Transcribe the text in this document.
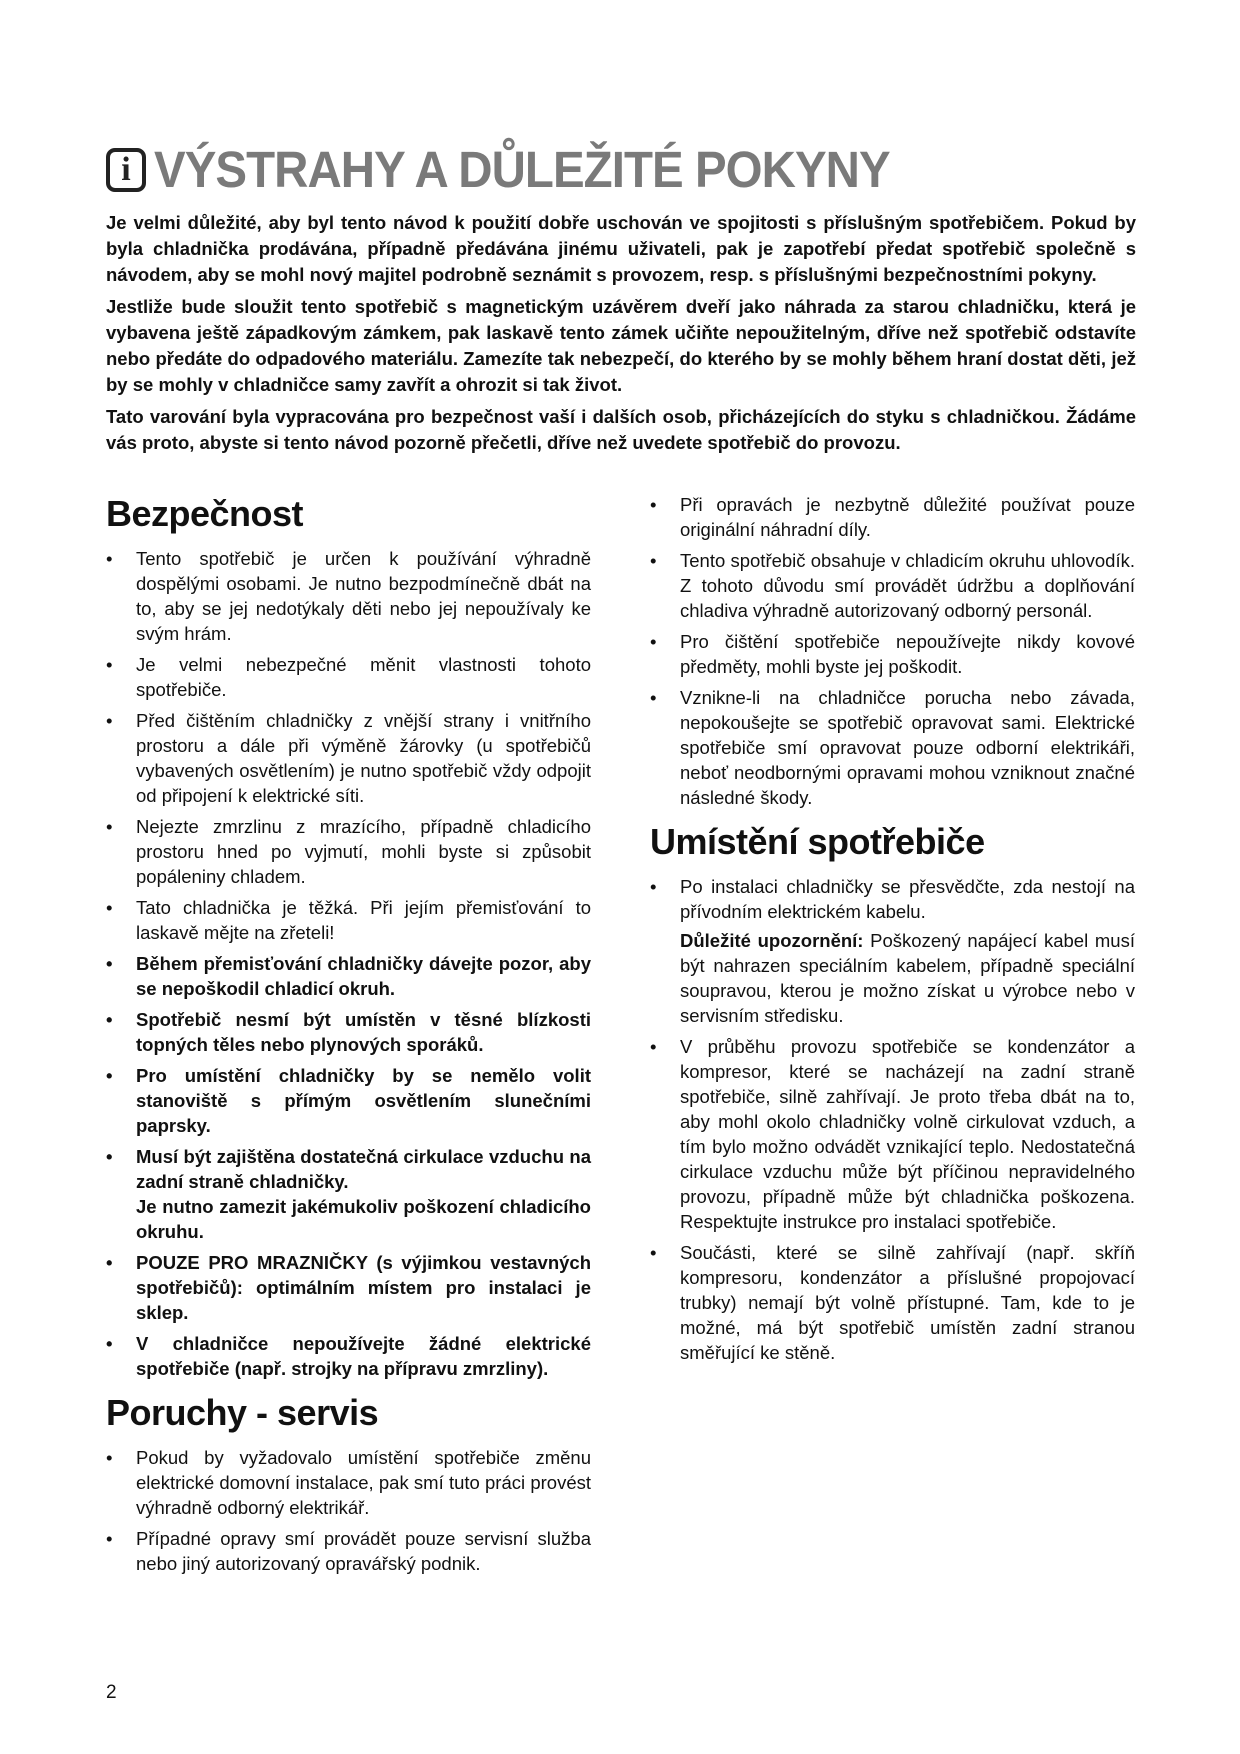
i VÝSTRAHY A DŮLEŽITÉ POKYNY

Je velmi důležité, aby byl tento návod k použití dobře uschován ve spojitosti s příslušným spotřebičem. Pokud by byla chladnička prodávána, případně předávána jinému uživateli, pak je zapotřebí předat spotřebič společně s návodem, aby se mohl nový majitel podrobně seznámit s provozem, resp. s příslušnými bezpečnostními pokyny.

Jestliže bude sloužit tento spotřebič s magnetickým uzávěrem dveří jako náhrada za starou chladničku, která je vybavena ještě západkovým zámkem, pak laskavě tento zámek učiňte nepoužitelným, dříve než spotřebič odstavíte nebo předáte do odpadového materiálu. Zamezíte tak nebezpečí, do kterého by se mohly během hraní dostat děti, jež by se mohly v chladničce samy zavřít a ohrozit si tak život.

Tato varování byla vypracována pro bezpečnost vaší i dalších osob, přicházejících do styku s chladničkou. Žádáme vás proto, abyste si tento návod pozorně přečetli, dříve než uvedete spotřebič do provozu.

Bezpečnost
• Tento spotřebič je určen k používání výhradně dospělými osobami. Je nutno bezpodmínečně dbát na to, aby se jej nedotýkaly děti nebo jej nepoužívaly ke svým hrám.
• Je velmi nebezpečné měnit vlastnosti tohoto spotřebiče.
• Před čištěním chladničky z vnější strany i vnitřního prostoru a dále při výměně žárovky (u spotřebičů vybavených osvětlením) je nutno spotřebič vždy odpojit od připojení k elektrické síti.
• Nejezte zmrzlinu z mrazícího, případně chladicího prostoru hned po vyjmutí, mohli byste si způsobit popáleniny chladem.
• Tato chladnička je těžká. Při jejím přemisťování to laskavě mějte na zřeteli!
• Během přemisťování chladničky dávejte pozor, aby se nepoškodil chladicí okruh.
• Spotřebič nesmí být umístěn v těsné blízkosti topných těles nebo plynových sporáků.
• Pro umístění chladničky by se nemělo volit stanoviště s přímým osvětlením slunečními paprsky.
• Musí být zajištěna dostatečná cirkulace vzduchu na zadní straně chladničky.

Je nutno zamezit jakémukoliv poškození chladicího okruhu.

• POUZE PRO MRAZNIČKY (s výjimkou vestavných spotřebičů): optimálním místem pro instalaci je sklep.
• V chladničce nepoužívejte žádné elektrické spotřebiče (např. strojky na přípravu zmrzliny).
Poruchy - servis
• Pokud by vyžadovalo umístění spotřebiče změnu elektrické domovní instalace, pak smí tuto práci provést výhradně odborný elektrikář.
• Případné opravy smí provádět pouze servisní služba nebo jiný autorizovaný opravářský podnik.
• Při opravách je nezbytně důležité používat pouze originální náhradní díly.
• Tento spotřebič obsahuje v chladicím okruhu uhlovodík. Z tohoto důvodu smí provádět údržbu a doplňování chladiva výhradně autorizovaný odborný personál.
• Pro čištění spotřebiče nepoužívejte nikdy kovové předměty, mohli byste jej poškodit.
• Vznikne-li na chladničce porucha nebo závada, nepokoušejte se spotřebič opravovat sami. Elektrické spotřebiče smí opravovat pouze odborní elektrikáři, neboť neodbornými opravami mohou vzniknout značné následné škody.
Umístění spotřebiče
• Po instalaci chladničky se přesvědčte, zda nestojí na přívodním elektrickém kabelu.

Důležité upozornění: Poškozený napájecí kabel musí být nahrazen speciálním kabelem, případně speciální soupravou, kterou je možno získat u výrobce nebo v servisním středisku.

• V průběhu provozu spotřebiče se kondenzátor a kompresor, které se nacházejí na zadní straně spotřebiče, silně zahřívají. Je proto třeba dbát na to, aby mohl okolo chladničky volně cirkulovat vzduch, a tím bylo možno odvádět vznikající teplo. Nedostatečná cirkulace vzduchu může být příčinou nepravidelného provozu, případně může být chladnička poškozena. Respektujte instrukce pro instalaci spotřebiče.
• Součásti, které se silně zahřívají (např. skříň kompresoru, kondenzátor a příslušné propojovací trubky) nemají být volně přístupné. Tam, kde to je možné, má být spotřebič umístěn zadní stranou směřující ke stěně.
2
